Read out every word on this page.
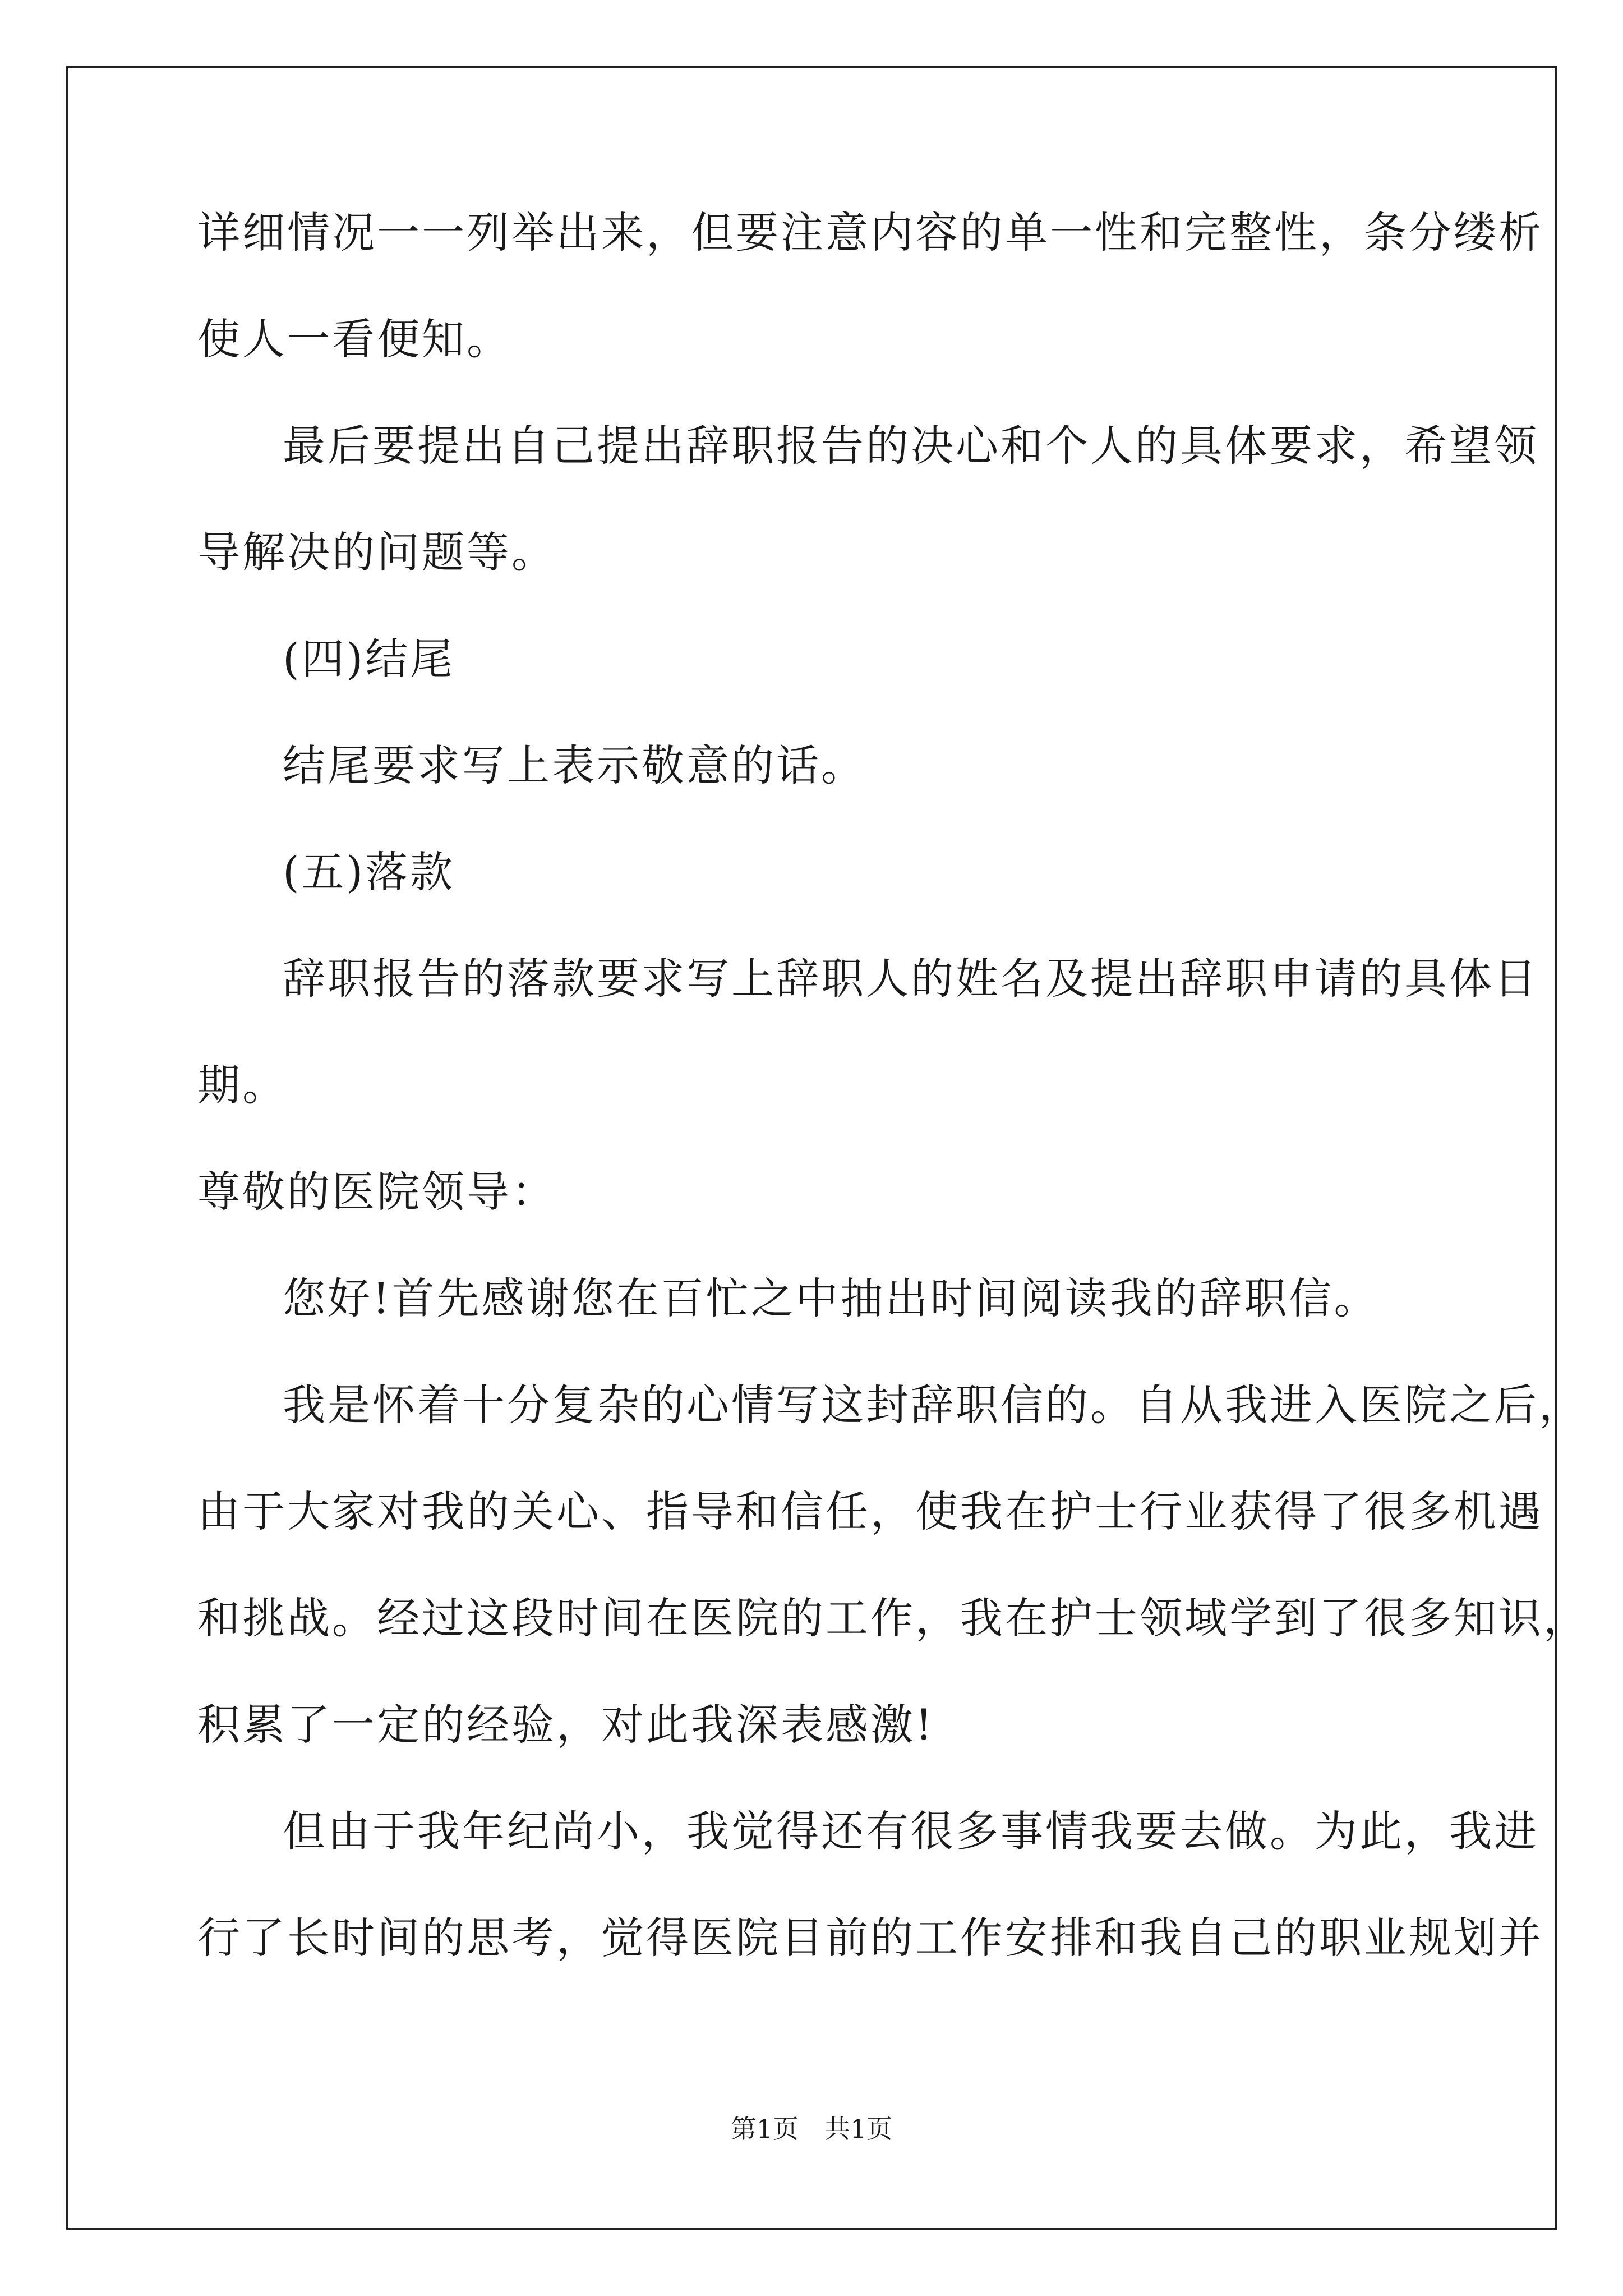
详细情况一一列举出来，但要注意内容的单一性和完整性，条分缕析
使人一看便知。
最后要提出自己提出辞职报告的决心和个人的具体要求，希望领
导解决的问题等。
(四)结尾
结尾要求写上表示敬意的话。
(五)落款
辞职报告的落款要求写上辞职人的姓名及提出辞职申请的具体日
期。
尊敬的医院领导：
您好!首先感谢您在百忙之中抽出时间阅读我的辞职信。
我是怀着十分复杂的心情写这封辞职信的。自从我进入医院之后，
由于大家对我的关心、指导和信任，使我在护士行业获得了很多机遇
和挑战。经过这段时间在医院的工作，我在护士领域学到了很多知识，
积累了一定的经验，对此我深表感激!
但由于我年纪尚小，我觉得还有很多事情我要去做。为此，我进
行了长时间的思考，觉得医院目前的工作安排和我自己的职业规划并
第1页　共1页
